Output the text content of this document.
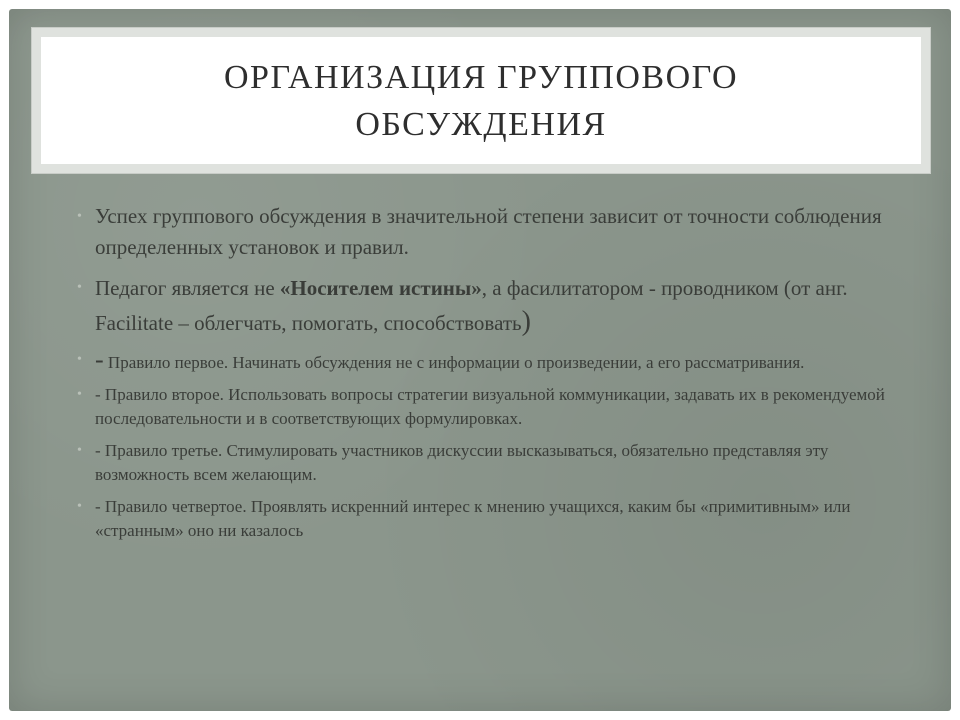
ОРГАНИЗАЦИЯ ГРУППОВОГО
ОБСУЖДЕНИЯ
• Успех группового обсуждения в значительной степени зависит от точности соблюдения определенных установок и правил.
• Педагог является не «Носителем истины», а фасилитатором - проводником (от анг. Facilitate – облегчать, помогать, способствовать)
• - Правило первое. Начинать обсуждения не с информации о произведении, а его рассматривания.
• - Правило второе. Использовать вопросы стратегии визуальной коммуникации, задавать их в рекомендуемой последовательности и в соответствующих формулировках.
• - Правило третье. Стимулировать участников дискуссии высказываться, обязательно представляя эту возможность всем желающим.
• - Правило четвертое. Проявлять искренний интерес к мнению учащихся, каким бы «примитивным» или «странным» оно ни казалось
